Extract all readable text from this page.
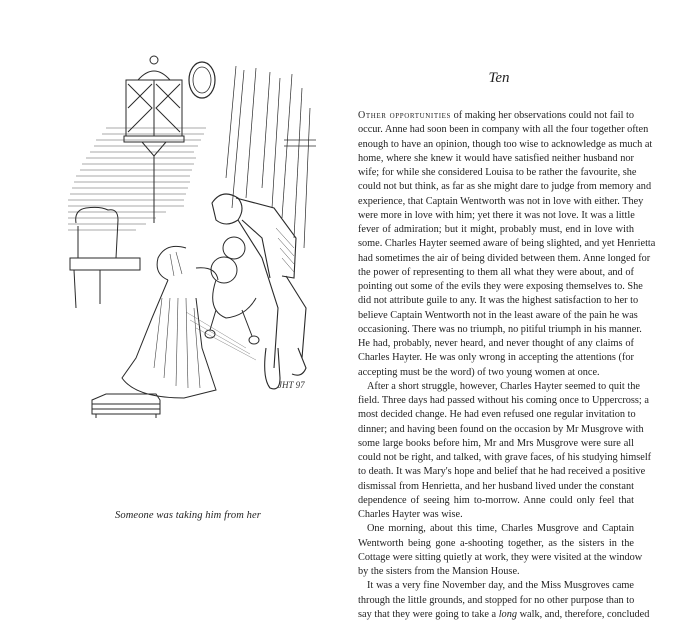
JHT 97
Someone was taking him from her
Ten
Other opportunities of making her observations could not fail to
occur. Anne had soon been in company with all the four together often
enough to have an opinion, though too wise to acknowledge as much at
home, where she knew it would have satisfied neither husband nor
wife; for while she considered Louisa to be rather the favourite, she
could not but think, as far as she might dare to judge from memory and
experience, that Captain Wentworth was not in love with either. They
were more in love with him; yet there it was not love. It was a little
fever of admiration; but it might, probably must, end in love with
some. Charles Hayter seemed aware of being slighted, and yet Henrietta
had sometimes the air of being divided between them. Anne longed for
the power of representing to them all what they were about, and of
pointing out some of the evils they were exposing themselves to. She
did not attribute guile to any. It was the highest satisfaction to her to
believe Captain Wentworth not in the least aware of the pain he was
occasioning. There was no triumph, no pitiful triumph in his manner.
He had, probably, never heard, and never thought of any claims of
Charles Hayter. He was only wrong in accepting the attentions (for
accepting must be the word) of two young women at once.
After a short struggle, however, Charles Hayter seemed to quit the
field. Three days had passed without his coming once to Uppercross; a
most decided change. He had even refused one regular invitation to
dinner; and having been found on the occasion by Mr Musgrove with
some large books before him, Mr and Mrs Musgrove were sure all
could not be right, and talked, with grave faces, of his studying himself
to death. It was Mary's hope and belief that he had received a positive
dismissal from Henrietta, and her husband lived under the constant
dependence of seeing him to-morrow. Anne could only feel that
Charles Hayter was wise.
One morning, about this time, Charles Musgrove and Captain
Wentworth being gone a-shooting together, as the sisters in the
Cottage were sitting quietly at work, they were visited at the window
by the sisters from the Mansion House.
It was a very fine November day, and the Miss Musgroves came
through the little grounds, and stopped for no other purpose than to
say that they were going to take a long walk, and, therefore, concluded
